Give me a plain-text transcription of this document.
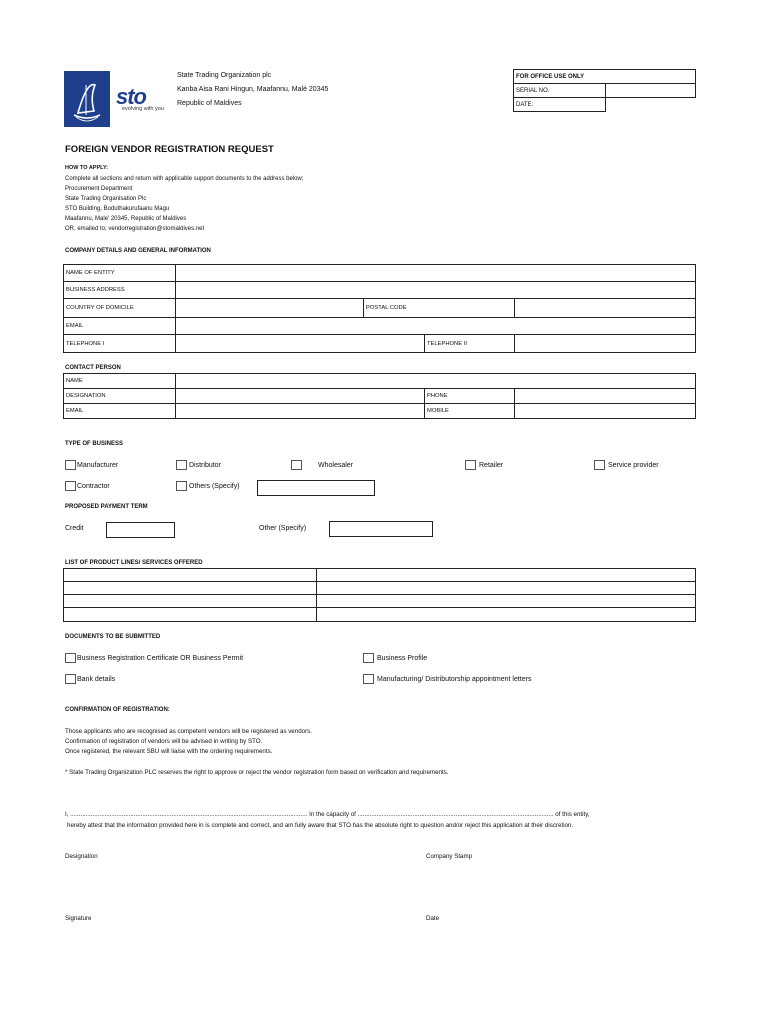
sto
evolving with you
State Trading Organization plc
Kanba Aisa Rani Hingun, Maafannu, Malé 20345
Republic of Maldives
FOR OFFICE USE ONLY	
SERIAL NO.	
DATE:	
FOREIGN VENDOR REGISTRATION REQUEST
HOW TO APPLY:
Complete all sections and return with applicable support documents to the address below;
Procurement Department
State Trading Organisation Plc
STO Building, Boduthakurufaanu Magu
Maafannu, Male' 20345, Republic of Maldives
OR, emailed to; vendorregistration@stomaldives.net
COMPANY DETAILS AND GENERAL INFORMATION
NAME OF ENTITY
BUSINESS ADDRESS
COUNTRY OF DOMICILE	POSTAL CODE
EMAIL
TELEPHONE I	TELEPHONE II
CONTACT PERSON
NAME
DESIGNATION	PHONE
EMAIL	MOBILE
TYPE OF BUSINESS
Manufacturer	Distributor	Wholesaler	Retailer	Service provider
Contractor	Others (Specify)
PROPOSED PAYMENT TERM
Credit	Other (Specify)
LIST OF PRODUCT LINES/ SERVICES OFFERED
DOCUMENTS TO BE SUBMITTED
Business Registration Certificate OR Business Permit	Business Profile
Bank details	Manufacturing/ Distributorship appointment letters
CONFIRMATION OF REGISTRATION:
Those applicants who are recognised as competent vendors will be registered as vendors.
Confirmation of registration of vendors will be advised in writing by STO.
Once registered, the relevant SBU will liaise with the ordering requirements.
* State Trading Organization PLC reserves the right to approve or reject the vendor registration form based on verification and requirements.
I, .......................................................................................................................................... In the capacity of .................................................................................................................. of this entity,
hereby attest that the information provided here in is complete and correct, and am fully aware that STO has the absolute right to question and/or reject this application at their discretion.
Designation	Company Stamp
Signature	Date
